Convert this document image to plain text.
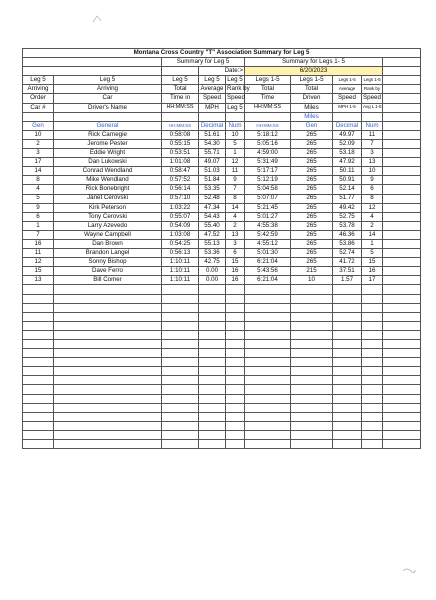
Montana Cross Country "T" Association Summary for Leg 5									
		Summary for Leg 5			Summary for Legs 1- 5				
			Date:>		6/20/2023				
Leg 5	Leg 5	Leg 5	Leg 5	Leg 5	Legs 1-5	Legs 1-5	Legs 1-5	Legs 1-5	
Arriving	Arriving	Total	Average	Rank by	Total	Total	Average	Rank by	
Order	Car	Time in	Speed	Speed	Time	Driven	Speed	Speed	
Car #	Driver's Name	HH:MM:SS	MPH	Leg 5	HH:MM:SS	Miles	MPH 1-5	Avg L 1-5	
						Miles			
Gen	General	HH:MM:SS	Decimal	Num	HH:MM:SS	Gen	Decimal	Num	
10	Rick Carnegie	0:58:08	51.61	10	5:18:12	265	49.97	11	
2	Jerome Pester	0:55:15	54.30	5	5:05:16	265	52.09	7	
3	Eddie Wright	0:53:51	55.71	1	4:59:00	265	53.18	3	
17	Dan Lukowski	1:01:08	49.07	12	5:31:49	265	47.92	13	
14	Conrad Wendland	0:58:47	51.03	11	5:17:17	265	50.11	10	
8	Mike Wendland	0:57:52	51.84	9	5:12:19	265	50.91	9	
4	Rick Bonebright	0:56:14	53.35	7	5:04:58	265	52.14	6	
5	Janet Cerovski	0:57:10	52.48	8	5:07:07	265	51.77	8	
9	Kirk Peterson	1:03:22	47.34	14	5:21:45	265	49.42	12	
6	Tony Cerovski	0:55:07	54.43	4	5:01:27	265	52.75	4	
1	Larry Azevedo	0:54:09	55.40	2	4:55:38	265	53.78	2	
7	Wayne Campbell	1:03:08	47.52	13	5:42:59	265	46.36	14	
16	Dan Brown	0:54:25	55.13	3	4:55:12	265	53.86	1	
11	Brandon Langel	0:56:13	53.36	6	5:01:30	265	52.74	5	
12	Sonny Bishop	1:10:11	42.75	15	6:21:04	265	41.72	15	
15	Dave Ferro	1:10:11	0.00	16	5:43:56	215	37.51	16	
13	Bill Comer	1:10:11	0.00	16	6:21:04	10	1.57	17	
